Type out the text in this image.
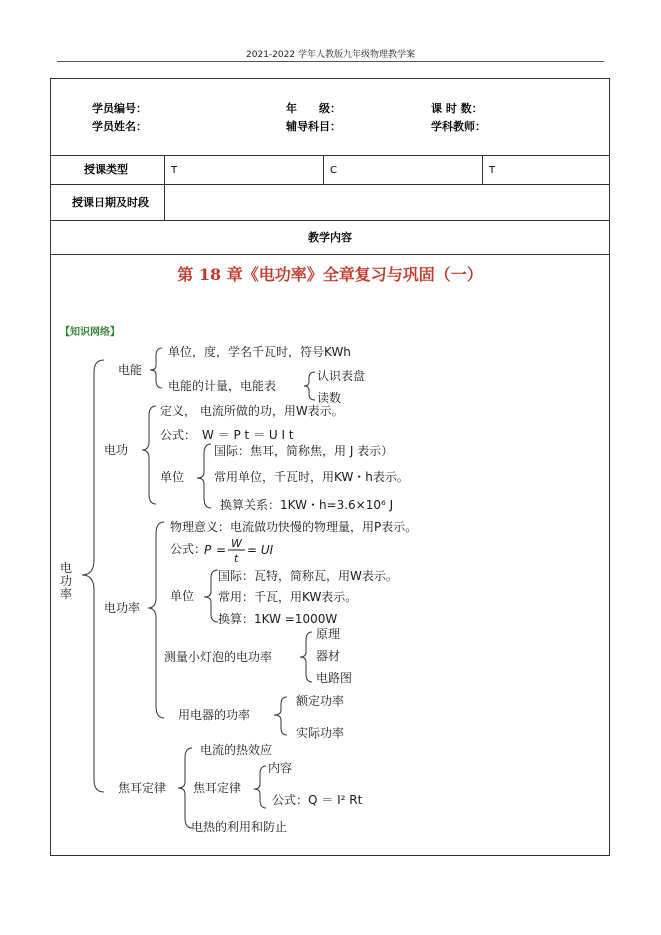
2021-2022 学年人教版九年级物理教学案
学员编号：
学员姓名：
年　　级：
辅导科目：
课 时 数：
学科教师：
授课类型	T	C	T
授课日期及时段
教学内容
第 18 章《电功率》全章复习与巩固（一）
【知识网络】
电
功
率
电能
单位，度，学名千瓦时，符号KWh
电能的计量，电能表
认识表盘
读数
电功
定义， 电流所做的功，用W表示。
公式：　W ＝ P t ＝ U I t
单位
国际：焦耳，简称焦，用 J 表示）
常用单位，千瓦时，用KW・h表示。
换算关系：1KW・h=3.6×10⁶ J
电功率
物理意义：电流做功快慢的物理量，用P表示。
公式：
P = W
t
= UI
单位
国际：瓦特，简称瓦，用W表示。
常用：千瓦，用KW表示。
换算：1KW =1000W
测量小灯泡的电功率
原理
器材
电路图
用电器的功率
额定功率
实际功率
焦耳定律
电流的热效应
焦耳定律
内容
公式：Q ＝ I² Rt
电热的利用和防止
